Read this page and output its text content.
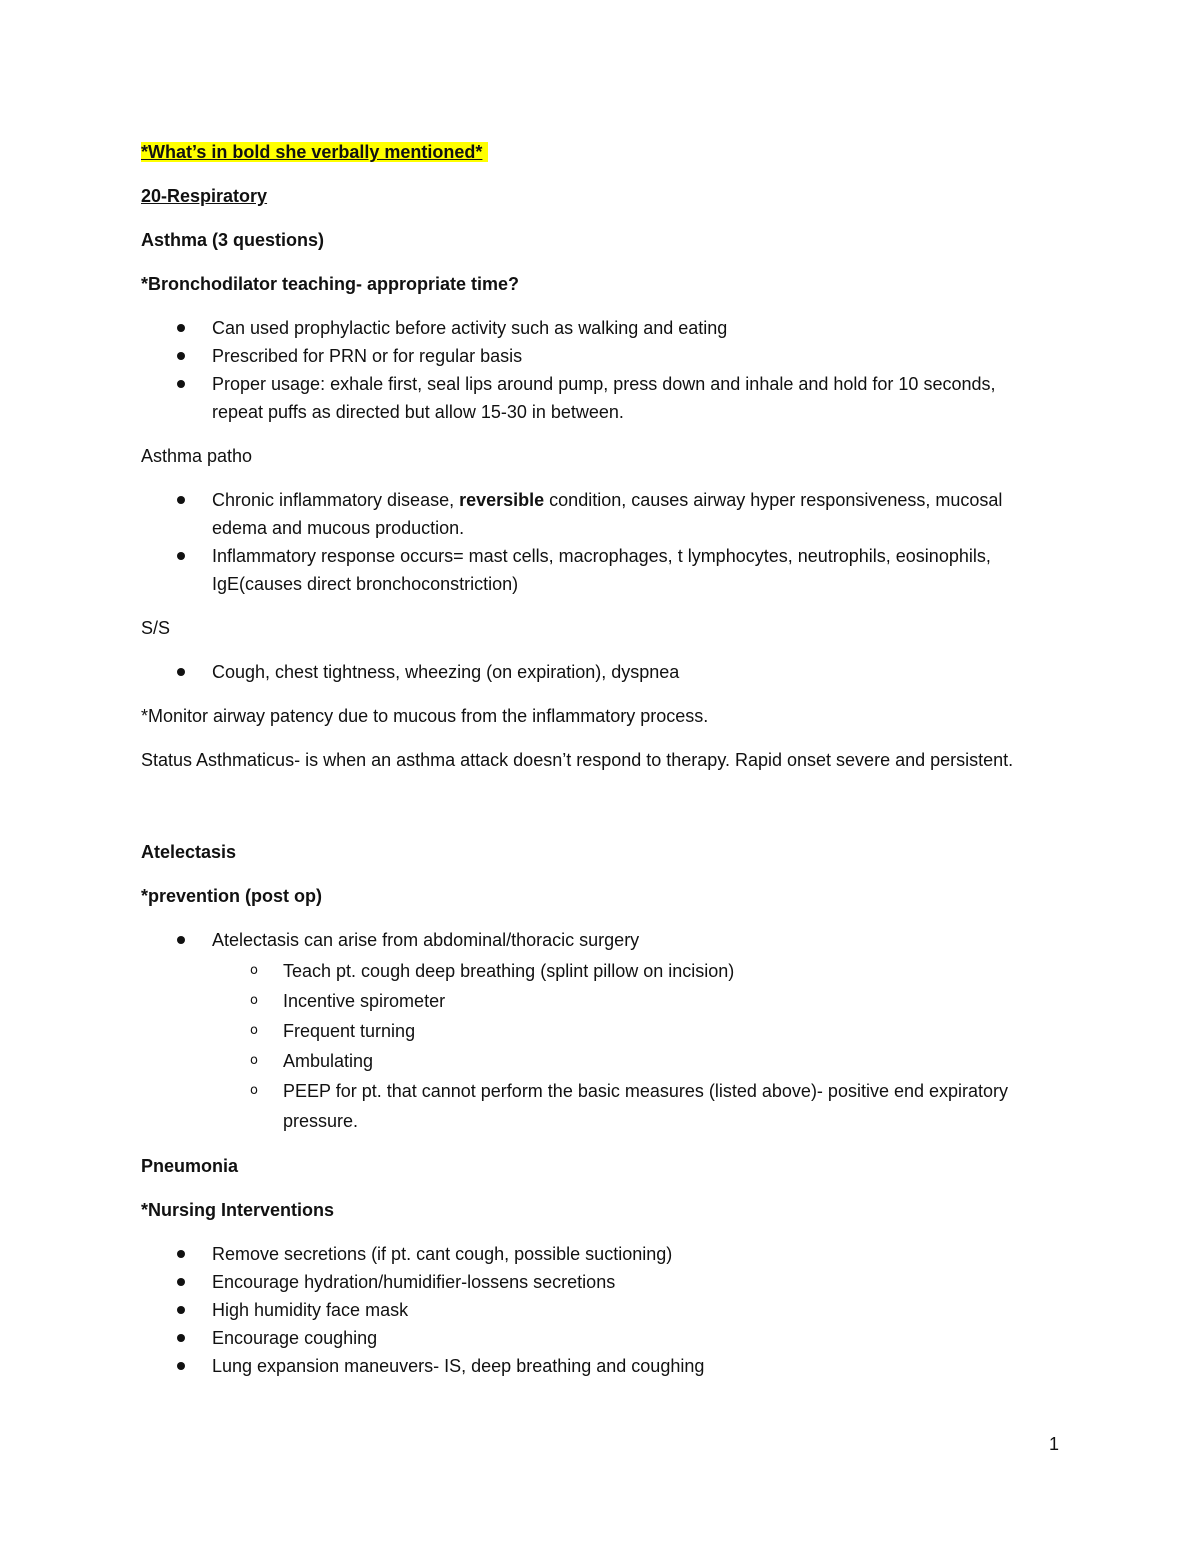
*What’s in bold she verbally mentioned*

20-Respiratory

Asthma (3 questions)

*Bronchodilator teaching- appropriate time?

Can used prophylactic before activity such as walking and eating
Prescribed for PRN or for regular basis
Proper usage: exhale first, seal lips around pump, press down and inhale and hold for 10 seconds, repeat puffs as directed but allow 15-30 in between.

Asthma patho

Chronic inflammatory disease, reversible condition, causes airway hyper responsiveness, mucosal edema and mucous production.
Inflammatory response occurs= mast cells, macrophages, t lymphocytes, neutrophils, eosinophils, IgE(causes direct bronchoconstriction)

S/S

Cough, chest tightness, wheezing (on expiration), dyspnea

*Monitor airway patency due to mucous from the inflammatory process.

Status Asthmaticus- is when an asthma attack doesn’t respond to therapy. Rapid onset severe and persistent.

Atelectasis

*prevention (post op)

Atelectasis can arise from abdominal/thoracic surgery
o Teach pt. cough deep breathing (splint pillow on incision)
o Incentive spirometer
o Frequent turning
o Ambulating
o PEEP for pt. that cannot perform the basic measures (listed above)- positive end expiratory pressure.

Pneumonia

*Nursing Interventions

Remove secretions (if pt. cant cough, possible suctioning)
Encourage hydration/humidifier-lossens secretions
High humidity face mask
Encourage coughing
Lung expansion maneuvers- IS, deep breathing and coughing
1
